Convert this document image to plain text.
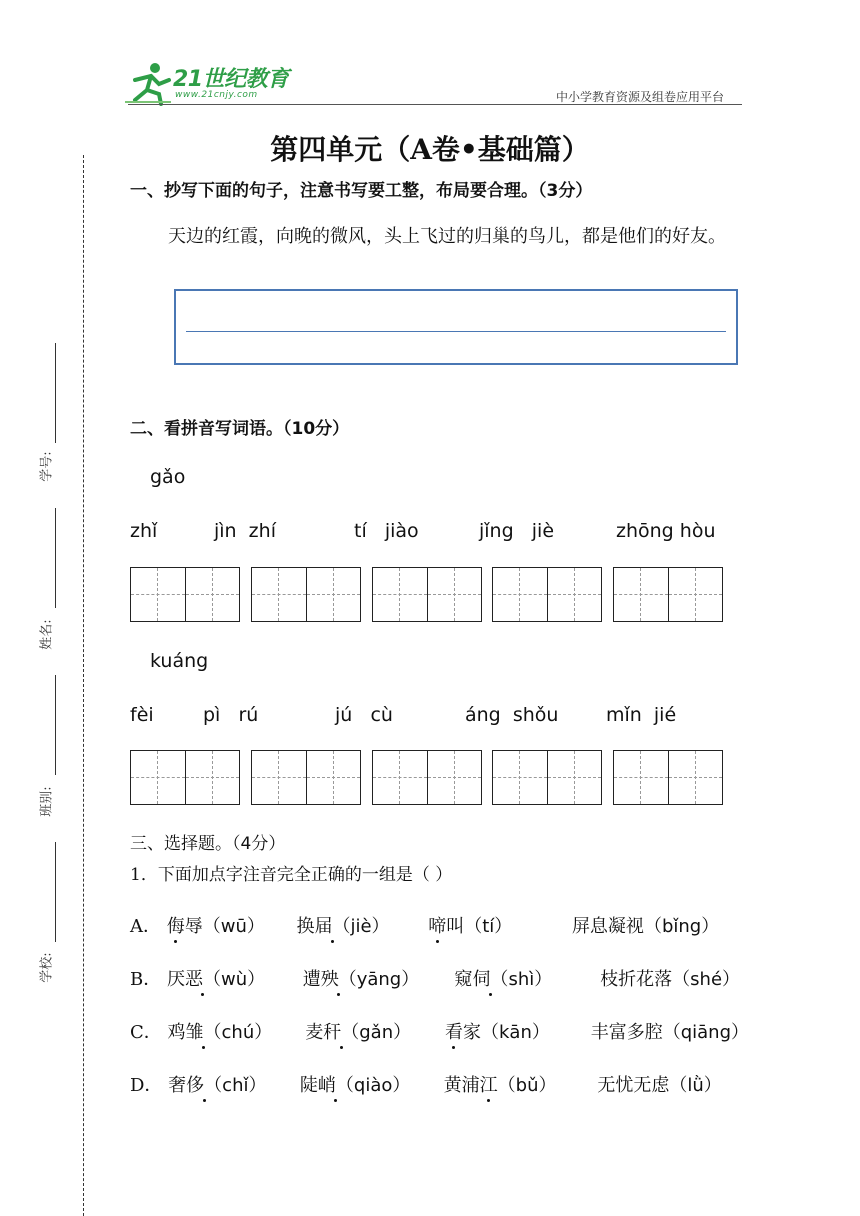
21世纪教育
www.21cnjy.com	中小学教育资源及组卷应用平台
第四单元（A卷•基础篇）
一、抄写下面的句子，注意书写要工整，布局要合理。（3分）
天边的红霞，向晚的微风，头上飞过的归巢的鸟儿，都是他们的好友。
二、看拼音写词语。（10分）
gǎo
zhǐ	jìn  zhí	tí   jiào	jǐng   jiè	zhōng hòu
kuáng
fèi	pì   rú	jú   cù	áng  shǒu	mǐn  jié
三、选择题。（4分）
1．下面加点字注音完全正确的一组是（ ）
A． 侮辱（wū） 换届（jiè） 啼叫（tí）	屏息凝视（bǐng）
B． 厌恶（wù） 遭殃（yāng） 窥伺（shì）	枝折花落（shé）
C． 鸡雏（chú） 麦秆（gǎn） 看家（kān） 丰富多腔（qiāng）
D． 奢侈（chǐ） 陡峭（qiào） 黄浦江（bǔ） 无忧无虑（lǜ）
学号:
姓名:
班别:
学校:
